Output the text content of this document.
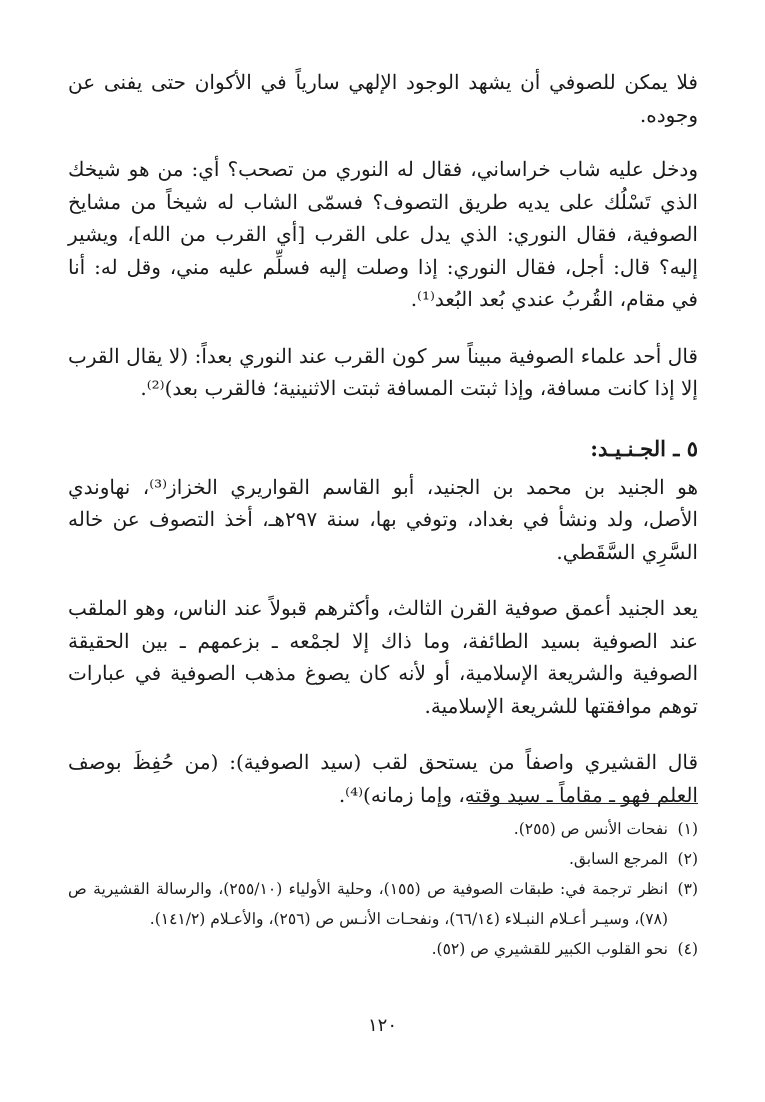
فلا يمكن للصوفي أن يشهد الوجود الإلهي سارياً في الأكوان حتى يفنى عن وجوده.

ودخل عليه شاب خراساني، فقال له النوري من تصحب؟ أي: من هو شيخك الذي تَسْلُك على يديه طريق التصوف؟ فسمّى الشاب له شيخاً من مشايخ الصوفية، فقال النوري: الذي يدل على القرب [أي القرب من الله]، ويشير إليه؟ قال: أجل، فقال النوري: إذا وصلت إليه فسلِّم عليه مني، وقل له: أنا في مقام، القُربُ عندي بُعد البُعد⁽¹⁾.

قال أحد علماء الصوفية مبيناً سر كون القرب عند النوري بعداً: (لا يقال القرب إلا إذا كانت مسافة، وإذا ثبتت المسافة ثبتت الاثنينية؛ فالقرب بعد)⁽²⁾.

٥ ـ الجـنـيـد:

هو الجنيد بن محمد بن الجنيد، أبو القاسم القواريري الخزاز⁽³⁾، نهاوندي الأصل، ولد ونشأ في بغداد، وتوفي بها، سنة ٢٩٧هـ، أخذ التصوف عن خاله السَّرِي السَّقَطي.

يعد الجنيد أعمق صوفية القرن الثالث، وأكثرهم قبولاً عند الناس، وهو الملقب عند الصوفية بسيد الطائفة، وما ذاك إلا لجمْعه ـ بزعمهم ـ بين الحقيقة الصوفية والشريعة الإسلامية، أو لأنه كان يصوغ مذهب الصوفية في عبارات توهم موافقتها للشريعة الإسلامية.

قال القشيري واصفاً من يستحق لقب (سيد الصوفية): (من حُفِظَ بوصف العلم فهو ـ مقاماً ـ سيد وقته، وإما زمانه)⁽⁴⁾.

(١)
نفحات الأنس ص (٢٥٥).
(٢)
المرجع السابق.
(٣)
انظر ترجمة في: طبقات الصوفية ص (١٥٥)، وحلية الأولياء (٢٥٥/١٠)، والرسالة القشيرية ص (٧٨)، وسيـر أعـلام النبـلاء (٦٦/١٤)، ونفحـات الأنـس ص (٢٥٦)، والأعـلام (١٤١/٢).
(٤)
نحو القلوب الكبير للقشيري ص (٥٢).
١٢٠
